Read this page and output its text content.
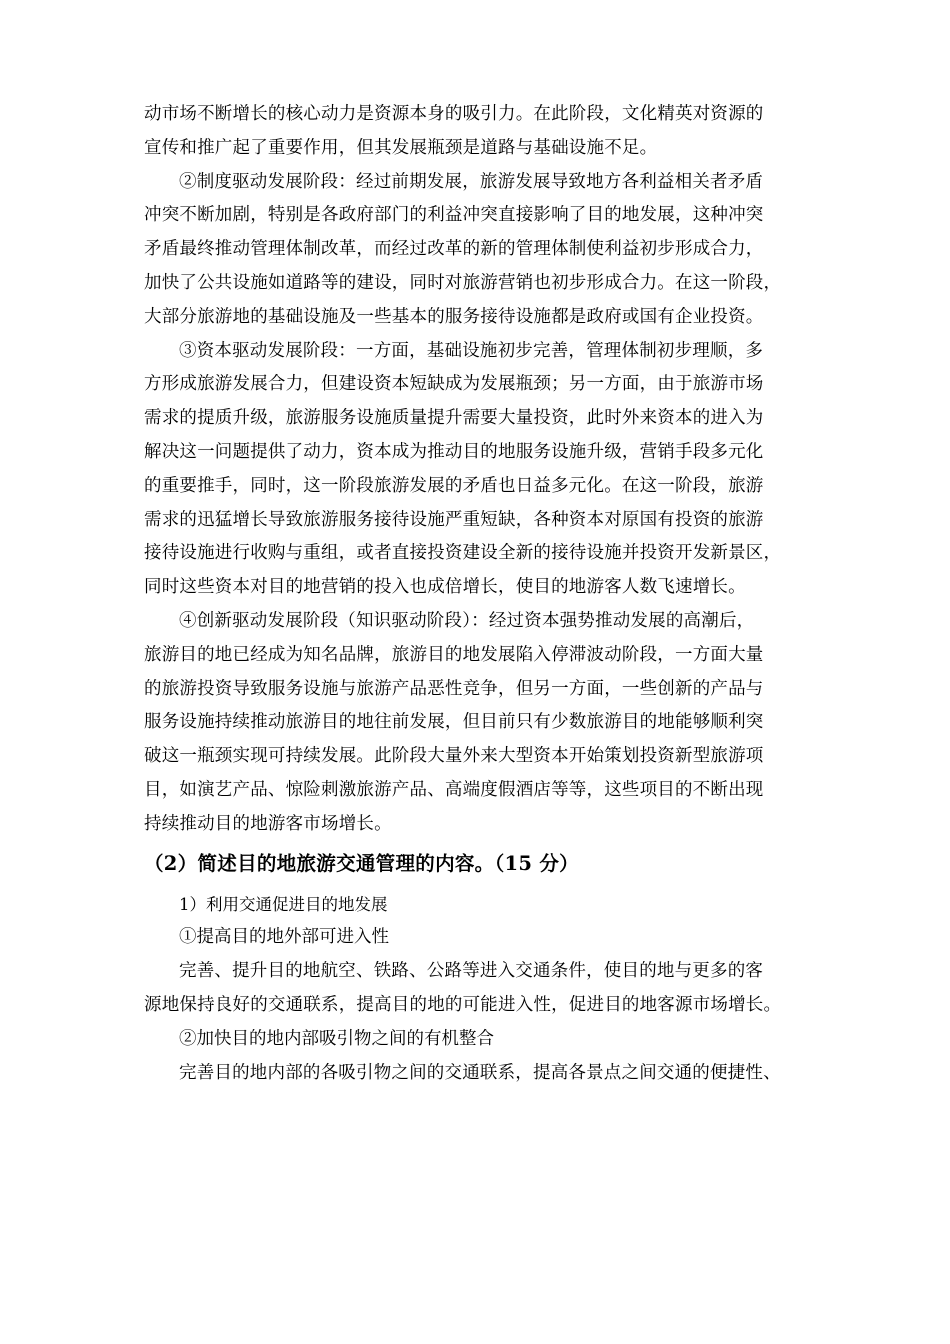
动市场不断增长的核心动力是资源本身的吸引力。在此阶段，文化精英对资源的
宣传和推广起了重要作用，但其发展瓶颈是道路与基础设施不足。

②制度驱动发展阶段：经过前期发展，旅游发展导致地方各利益相关者矛盾
冲突不断加剧，特别是各政府部门的利益冲突直接影响了目的地发展，这种冲突
矛盾最终推动管理体制改革，而经过改革的新的管理体制使利益初步形成合力，
加快了公共设施如道路等的建设，同时对旅游营销也初步形成合力。在这一阶段，
大部分旅游地的基础设施及一些基本的服务接待设施都是政府或国有企业投资。

③资本驱动发展阶段：一方面，基础设施初步完善，管理体制初步理顺，多
方形成旅游发展合力，但建设资本短缺成为发展瓶颈；另一方面，由于旅游市场
需求的提质升级，旅游服务设施质量提升需要大量投资，此时外来资本的进入为
解决这一问题提供了动力，资本成为推动目的地服务设施升级，营销手段多元化
的重要推手，同时，这一阶段旅游发展的矛盾也日益多元化。在这一阶段，旅游
需求的迅猛增长导致旅游服务接待设施严重短缺，各种资本对原国有投资的旅游
接待设施进行收购与重组，或者直接投资建设全新的接待设施并投资开发新景区，
同时这些资本对目的地营销的投入也成倍增长，使目的地游客人数飞速增长。

④创新驱动发展阶段（知识驱动阶段）：经过资本强势推动发展的高潮后，
旅游目的地已经成为知名品牌，旅游目的地发展陷入停滞波动阶段，一方面大量
的旅游投资导致服务设施与旅游产品恶性竞争，但另一方面，一些创新的产品与
服务设施持续推动旅游目的地往前发展，但目前只有少数旅游目的地能够顺利突
破这一瓶颈实现可持续发展。此阶段大量外来大型资本开始策划投资新型旅游项
目，如演艺产品、惊险刺激旅游产品、高端度假酒店等等，这些项目的不断出现
持续推动目的地游客市场增长。

（2）简述目的地旅游交通管理的内容。（15 分）

1）利用交通促进目的地发展

①提高目的地外部可进入性

完善、提升目的地航空、铁路、公路等进入交通条件，使目的地与更多的客
源地保持良好的交通联系，提高目的地的可能进入性，促进目的地客源市场增长。

②加快目的地内部吸引物之间的有机整合

完善目的地内部的各吸引物之间的交通联系，提高各景点之间交通的便捷性、
